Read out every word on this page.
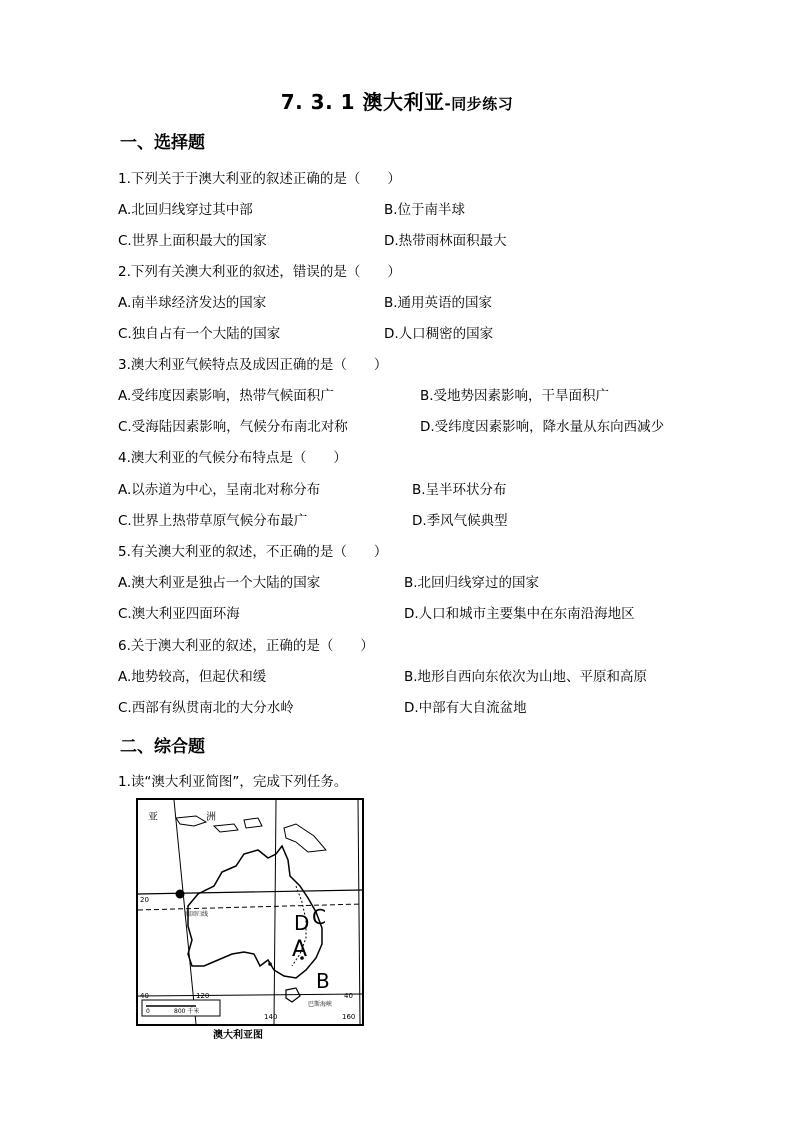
7. 3. 1 澳大利亚-同步练习
一、选择题
1.下列关于于澳大利亚的叙述正确的是（　　）
A.北回归线穿过其中部	B.位于南半球
C.世界上面积最大的国家	D.热带雨林面积最大
2.下列有关澳大利亚的叙述，错误的是（　　）
A.南半球经济发达的国家	B.通用英语的国家
C.独自占有一个大陆的国家	D.人口稠密的国家
3.澳大利亚气候特点及成因正确的是（　　）
A.受纬度因素影响，热带气候面积广	B.受地势因素影响，干旱面积广
C.受海陆因素影响，气候分布南北对称	D.受纬度因素影响，降水量从东向西减少
4.澳大利亚的气候分布特点是（　　）
A.以赤道为中心，呈南北对称分布	B.呈半环状分布
C.世界上热带草原气候分布最广	D.季风气候典型
5.有关澳大利亚的叙述，不正确的是（　　）
A.澳大利亚是独占一个大陆的国家	B.北回归线穿过的国家
C.澳大利亚四面环海	D.人口和城市主要集中在东南沿海地区
6.关于澳大利亚的叙述，正确的是（　　）
A.地势较高，但起伏和缓	B.地形自西向东依次为山地、平原和高原
C.西部有纵贯南北的大分水岭	D.中部有大自流盆地
二、综合题
1.读“澳大利亚简图”，完成下列任务。
亚	洲
20
南回归线
40	120
140	160
40
巴斯海峡
0	800 千米
D C
A
B
澳大利亚图
